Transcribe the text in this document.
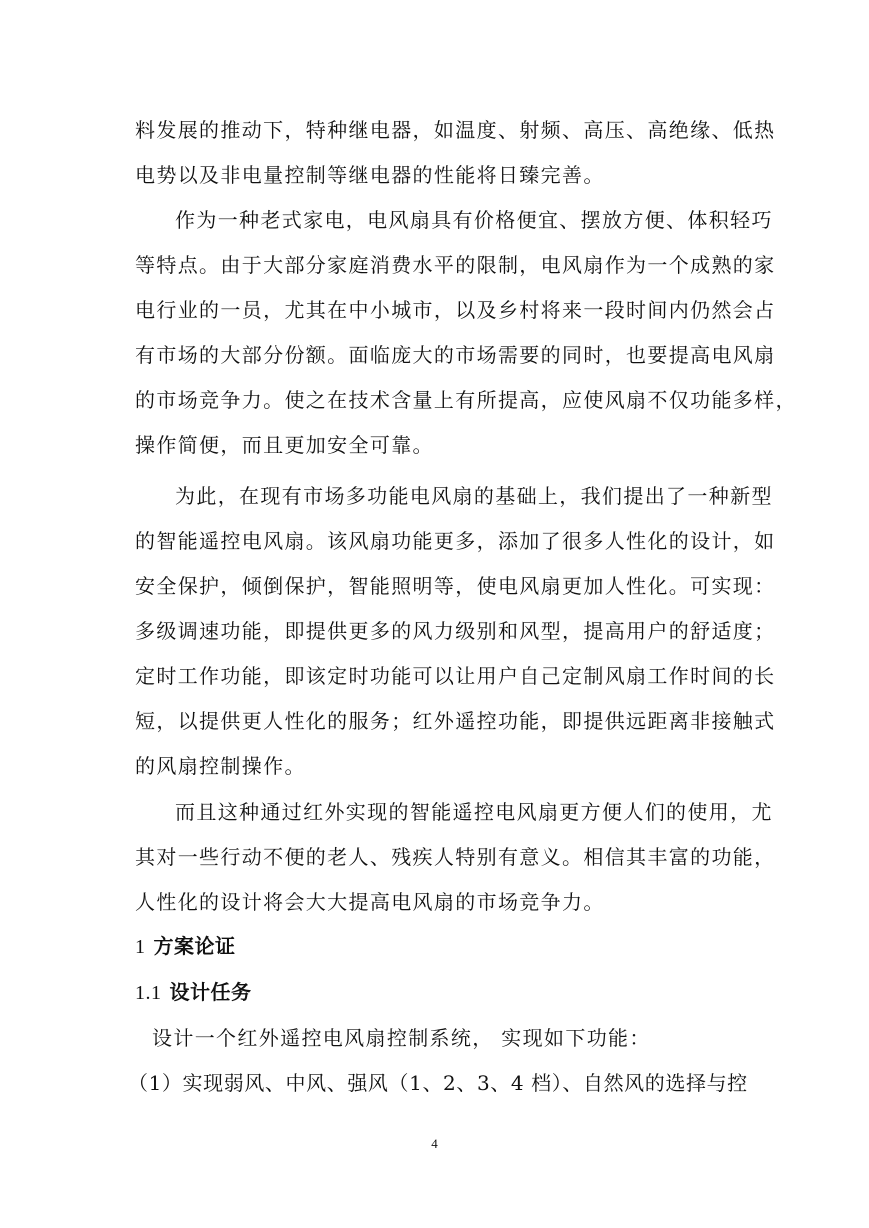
料发展的推动下，特种继电器，如温度、射频、高压、高绝缘、低热
电势以及非电量控制等继电器的性能将日臻完善。
作为一种老式家电，电风扇具有价格便宜、摆放方便、体积轻巧
等特点。由于大部分家庭消费水平的限制，电风扇作为一个成熟的家
电行业的一员，尤其在中小城市，以及乡村将来一段时间内仍然会占
有市场的大部分份额。面临庞大的市场需要的同时，也要提高电风扇
的市场竞争力。使之在技术含量上有所提高，应使风扇不仅功能多样，
操作简便，而且更加安全可靠。
为此，在现有市场多功能电风扇的基础上，我们提出了一种新型
的智能遥控电风扇。该风扇功能更多，添加了很多人性化的设计，如
安全保护，倾倒保护，智能照明等，使电风扇更加人性化。可实现：
多级调速功能，即提供更多的风力级别和风型，提高用户的舒适度；
定时工作功能，即该定时功能可以让用户自己定制风扇工作时间的长
短，以提供更人性化的服务；红外遥控功能，即提供远距离非接触式
的风扇控制操作。
而且这种通过红外实现的智能遥控电风扇更方便人们的使用，尤
其对一些行动不便的老人、残疾人特别有意义。相信其丰富的功能，
人性化的设计将会大大提高电风扇的市场竞争力。
1 方案论证
1.1 设计任务
设计一个红外遥控电风扇控制系统， 实现如下功能：
（1）实现弱风、中风、强风（1、2、3、4 档）、自然风的选择与控
4
